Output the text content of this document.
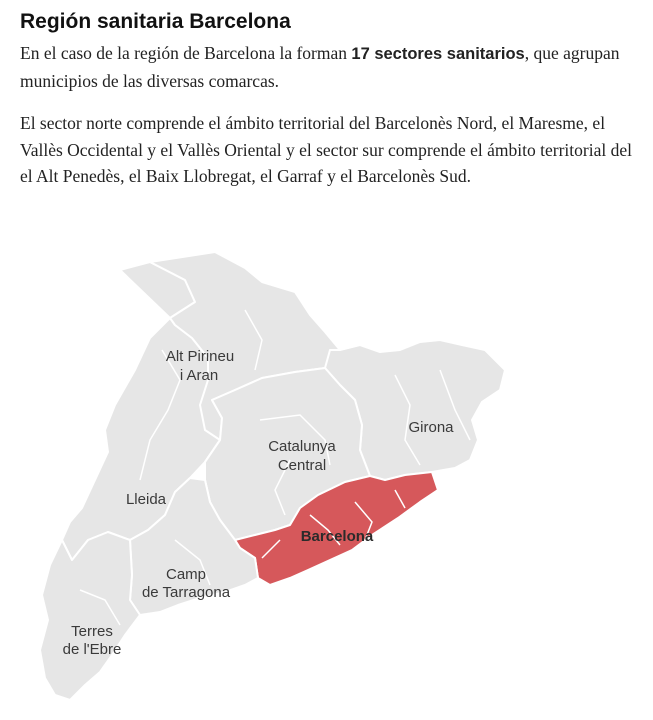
Región sanitaria Barcelona

En el caso de la región de Barcelona la forman 17 sectores sanitarios, que agrupan municipios de las diversas comarcas.

El sector norte comprende el ámbito territorial del Barcelonès Nord, el Maresme, el Vallès Occidental y el Vallès Oriental y el sector sur comprende el ámbito territorial del el Alt Penedès, el Baix Llobregat, el Garraf y el Barcelonès Sud.

Alt Pirineu
i Aran
Catalunya
Central
Girona
Lleida
Barcelona
Camp
de Tarragona
Terres
de l'Ebre
